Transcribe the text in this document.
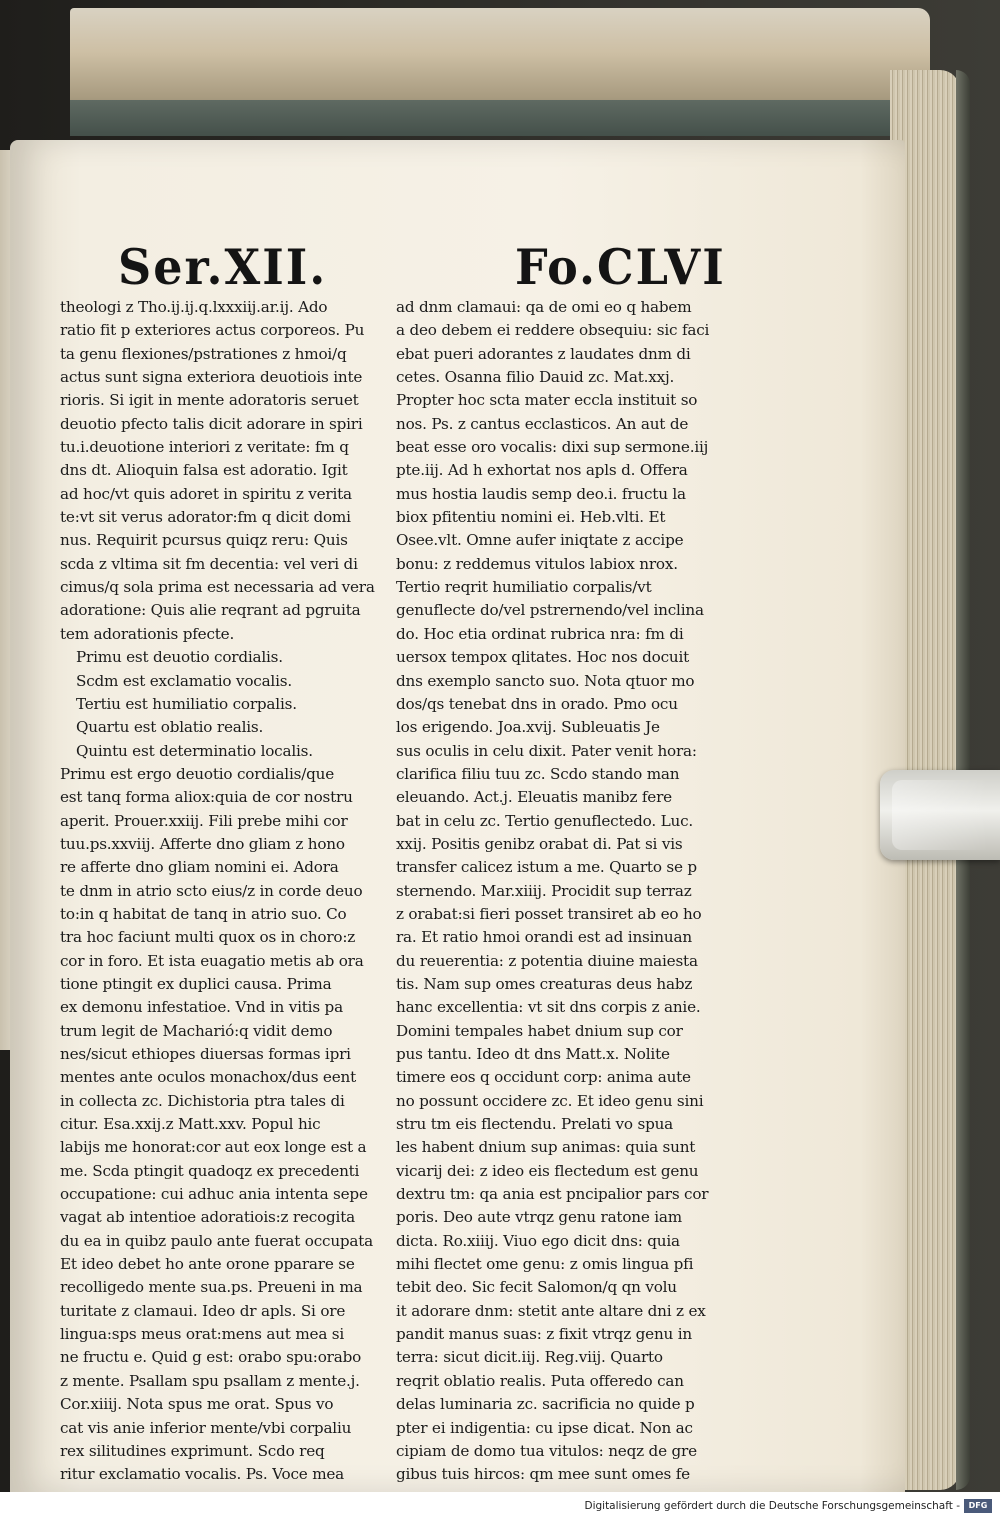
Ser.XII.	Fo.CLVI
theologi z Tho.ij.ij.q.lxxxiij.ar.ij. Ado
ratio fit p exteriores actus corporeos. Pu
ta genu flexiones/pstrationes z hmoi/q
actus sunt signa exteriora deuotiois inte
rioris. Si igit in mente adoratoris seruet
deuotio pfecto talis dicit adorare in spiri
tu.i.deuotione interiori z veritate: fm q
dns dt. Alioquin falsa est adoratio. Igit
ad hoc/vt quis adoret in spiritu z verita
te:vt sit verus adorator:fm q dicit domi
nus. Requirit pcursus quiqz reru: Quis
scda z vltima sit fm decentia: vel veri di
cimus/q sola prima est necessaria ad vera
adoratione: Quis alie reqrant ad pgruita
tem adorationis pfecte.
Primu est deuotio cordialis.
Scdm est exclamatio vocalis.
Tertiu est humiliatio corpalis.
Quartu est oblatio realis.
Quintu est determinatio localis.
Primu est ergo deuotio cordialis/que
est tanq forma aliox:quia de cor nostru
aperit. Prouer.xxiij. Fili prebe mihi cor
tuu.ps.xxviij. Afferte dno gliam z hono
re afferte dno gliam nomini ei. Adora
te dnm in atrio scto eius/z in corde deuo
to:in q habitat de tanq in atrio suo. Co
tra hoc faciunt multi quox os in choro:z
cor in foro. Et ista euagatio metis ab ora
tione ptingit ex duplici causa. Prima
ex demonu infestatioe. Vnd in vitis pa
trum legit de Macharió:q vidit demo
nes/sicut ethiopes diuersas formas ipri
mentes ante oculos monachox/dus eent
in collecta zc. Dichistoria ptra tales di
citur. Esa.xxij.z Matt.xxv. Popul hic
labijs me honorat:cor aut eox longe est a
me. Scda ptingit quadoqz ex precedenti
occupatione: cui adhuc ania intenta sepe
vagat ab intentioe adoratiois:z recogita
du ea in quibz paulo ante fuerat occupata
Et ideo debet ho ante orone pparare se
recolligedo mente sua.ps. Preueni in ma
turitate z clamaui. Ideo dr apls. Si ore
lingua:sps meus orat:mens aut mea si
ne fructu e. Quid g est: orabo spu:orabo
z mente. Psallam spu psallam z mente.j.
Cor.xiiij. Nota spus me orat. Spus vo
cat vis anie inferior mente/vbi corpaliu
rex silitudines exprimunt. Scdo req
ritur exclamatio vocalis. Ps. Voce mea
ad dnm clamaui: qa de omi eo q habem
a deo debem ei reddere obsequiu: sic faci
ebat pueri adorantes z laudates dnm di
cetes. Osanna filio Dauid zc. Mat.xxj.
Propter hoc scta mater eccla instituit so
nos. Ps. z cantus ecclasticos. An aut de
beat esse oro vocalis: dixi sup sermone.iij
pte.iij. Ad h exhortat nos apls d. Offera
mus hostia laudis semp deo.i. fructu la
biox pfitentiu nomini ei. Heb.vlti. Et
Osee.vlt. Omne aufer iniqtate z accipe
bonu: z reddemus vitulos labiox nrox.
Tertio reqrit humiliatio corpalis/vt
genuflecte do/vel pstrernendo/vel inclina
do. Hoc etia ordinat rubrica nra: fm di
uersox tempox qlitates. Hoc nos docuit
dns exemplo sancto suo. Nota qtuor mo
dos/qs tenebat dns in orado. Pmo ocu
los erigendo. Joa.xvij. Subleuatis Je
sus oculis in celu dixit. Pater venit hora:
clarifica filiu tuu zc. Scdo stando man
eleuando. Act.j. Eleuatis manibz fere
bat in celu zc. Tertio genuflectedo. Luc.
xxij. Positis genibz orabat di. Pat si vis
transfer calicez istum a me. Quarto se p
sternendo. Mar.xiiij. Procidit sup terraz
z orabat:si fieri posset transiret ab eo ho
ra. Et ratio hmoi orandi est ad insinuan
du reuerentia: z potentia diuine maiesta
tis. Nam sup omes creaturas deus habz
hanc excellentia: vt sit dns corpis z anie.
Domini tempales habet dnium sup cor
pus tantu. Ideo dt dns Matt.x. Nolite
timere eos q occidunt corp: anima aute
no possunt occidere zc. Et ideo genu sini
stru tm eis flectendu. Prelati vo spua
les habent dnium sup animas: quia sunt
vicarij dei: z ideo eis flectedum est genu
dextru tm: qa ania est pncipalior pars cor
poris. Deo aute vtrqz genu ratone iam
dicta. Ro.xiiij. Viuo ego dicit dns: quia
mihi flectet ome genu: z omis lingua pfi
tebit deo. Sic fecit Salomon/q qn volu
it adorare dnm: stetit ante altare dni z ex
pandit manus suas: z fixit vtrqz genu in
terra: sicut dicit.iij. Reg.viij. Quarto
reqrit oblatio realis. Puta offeredo can
delas luminaria zc. sacrificia no quide p
pter ei indigentia: cu ipse dicat. Non ac
cipiam de domo tua vitulos: neqz de gre
gibus tuis hircos: qm mee sunt omes fe
Digitalisierung gefördert durch die Deutsche Forschungsgemeinschaft -	DFG
